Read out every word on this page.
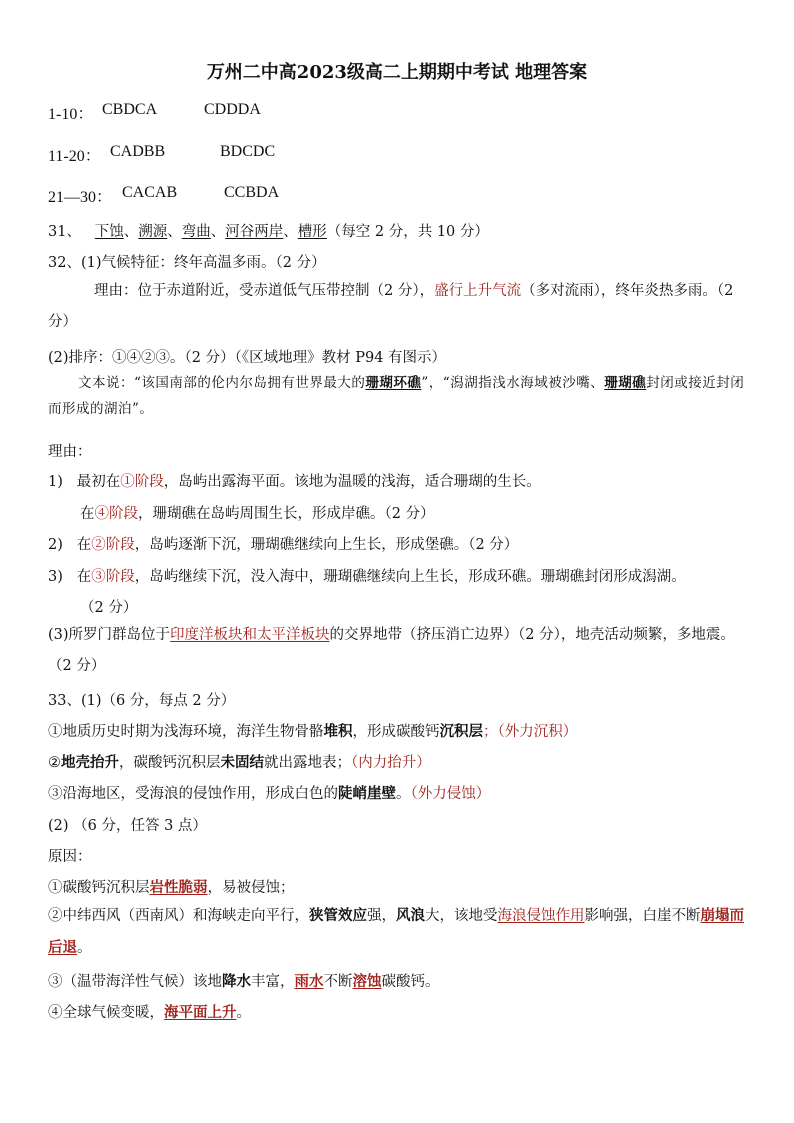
万州二中高2023级高二上期期中考试 地理答案
1-10： CBDCA	CDDDA
11-20： CADBB	BDCDC
21—30： CACAB	CCBDA
31、 下蚀、溯源、弯曲、河谷两岸、槽形（每空 2 分，共 10 分）
32、(1)气候特征：终年高温多雨。（2 分）
理由：位于赤道附近，受赤道低气压带控制（2 分），盛行上升气流（多对流雨），终年炎热多雨。（2 分）
(2)排序：①④②③。（2 分）（《区域地理》教材 P94 有图示）
文本说：“该国南部的伦内尔岛拥有世界最大的珊瑚环礁”，“潟湖指浅水海域被沙嘴、珊瑚礁封闭或接近封闭而形成的湖泊”。
理由：
1) 最初在①阶段，岛屿出露海平面。该地为温暖的浅海，适合珊瑚的生长。
在④阶段，珊瑚礁在岛屿周围生长，形成岸礁。（2 分）
2) 在②阶段，岛屿逐渐下沉，珊瑚礁继续向上生长，形成堡礁。（2 分）
3) 在③阶段，岛屿继续下沉，没入海中，珊瑚礁继续向上生长，形成环礁。珊瑚礁封闭形成潟湖。
（2 分）
(3)所罗门群岛位于印度洋板块和太平洋板块的交界地带（挤压消亡边界）（2 分），地壳活动频繁，多地震。（2 分）
33、(1)（6 分，每点 2 分）
①地质历史时期为浅海环境，海洋生物骨骼堆积，形成碳酸钙沉积层；（外力沉积）
②地壳抬升，碳酸钙沉积层未固结就出露地表；（内力抬升）
③沿海地区，受海浪的侵蚀作用，形成白色的陡峭崖壁。（外力侵蚀）
(2) （6 分，任答 3 点）
原因：
①碳酸钙沉积层岩性脆弱，易被侵蚀；
②中纬西风（西南风）和海峡走向平行，狭管效应强，风浪大，该地受海浪侵蚀作用影响强，白崖不断崩塌而后退。
③（温带海洋性气候）该地降水丰富，雨水不断溶蚀碳酸钙。
④全球气候变暖，海平面上升。
